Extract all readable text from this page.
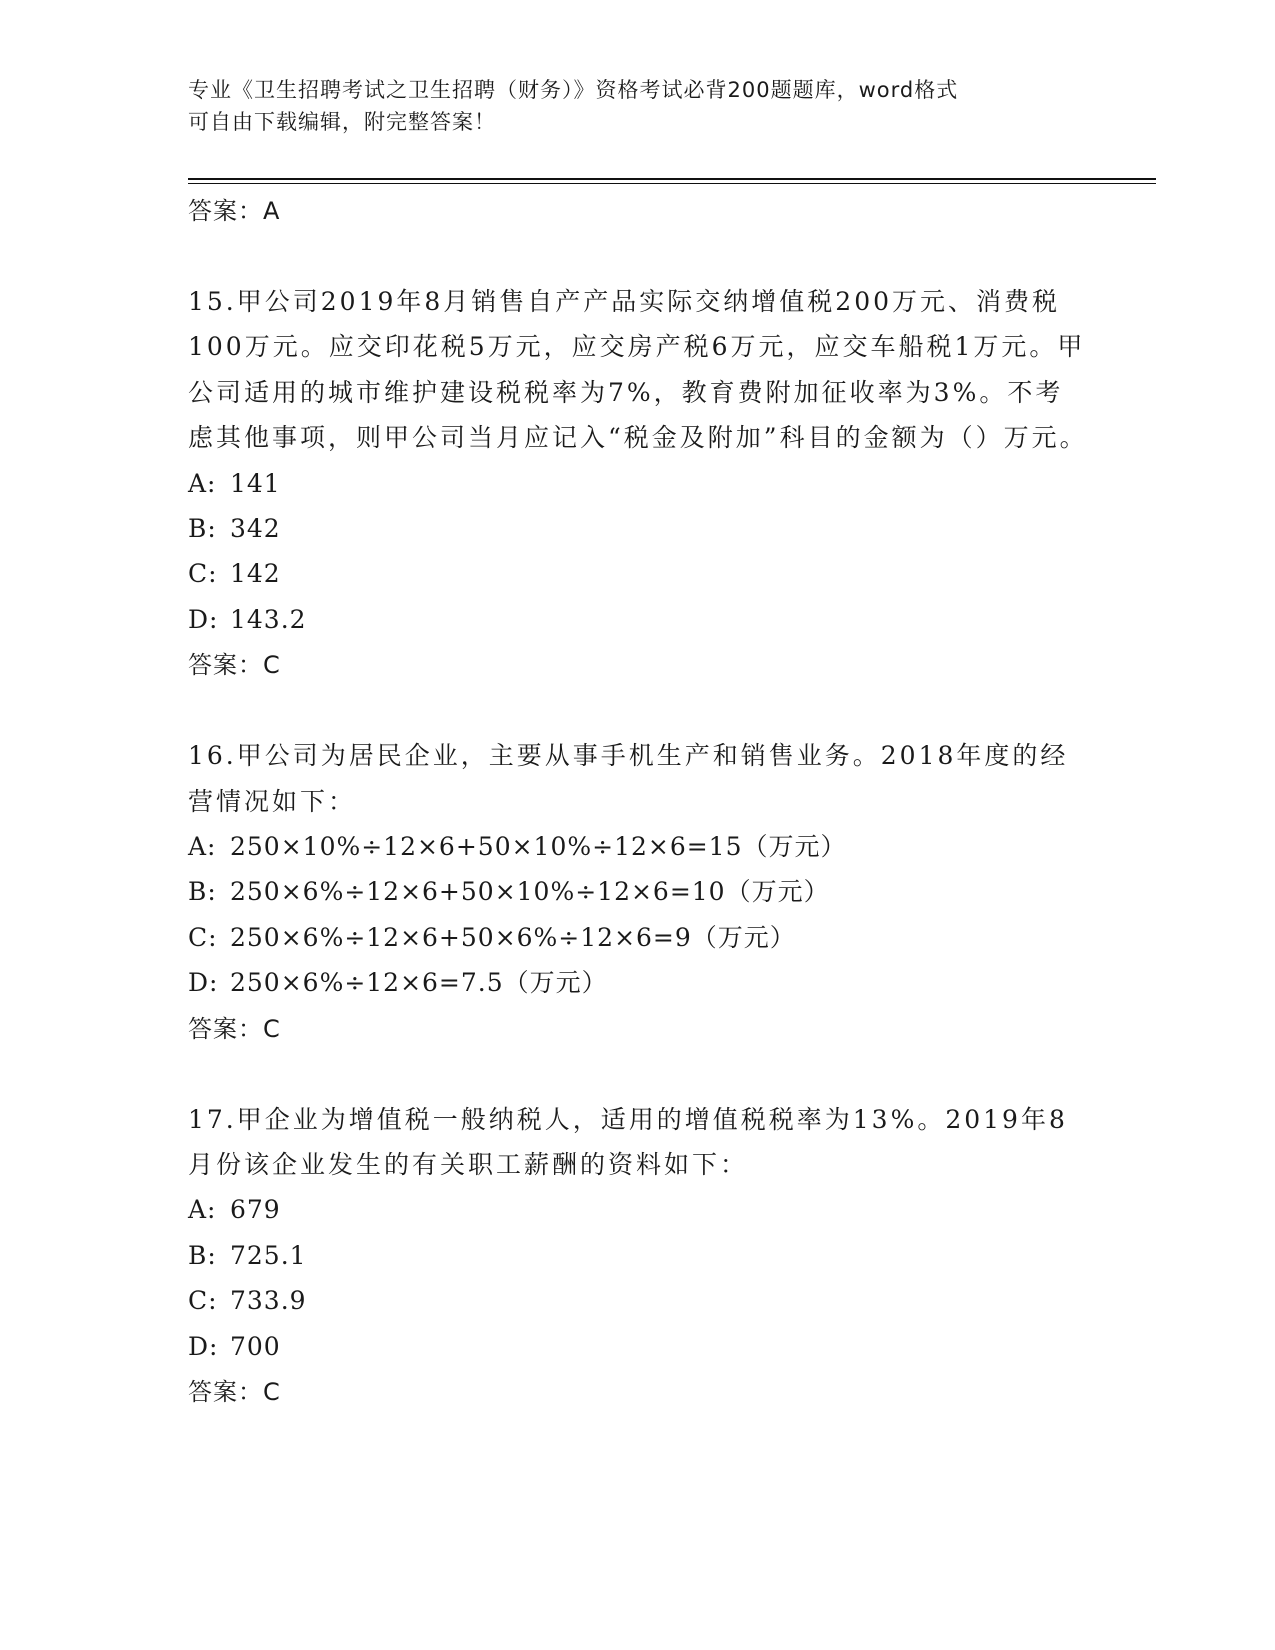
专业《卫生招聘考试之卫生招聘（财务）》资格考试必背200题题库，word格式
可自由下载编辑，附完整答案！
答案：A

15.甲公司2019年8月销售自产产品实际交纳增值税200万元、消费税100万元。应交印花税5万元，应交房产税6万元，应交车船税1万元。甲公司适用的城市维护建设税税率为7%，教育费附加征收率为3%。不考虑其他事项，则甲公司当月应记入“税金及附加”科目的金额为（）万元。

A: 141
B: 342
C: 142
D: 143.2
答案：C

16.甲公司为居民企业，主要从事手机生产和销售业务。2018年度的经营情况如下：

A: 250×10%÷12×6+50×10%÷12×6=15（万元）
B: 250×6%÷12×6+50×10%÷12×6=10（万元）
C: 250×6%÷12×6+50×6%÷12×6=9（万元）
D: 250×6%÷12×6=7.5（万元）
答案：C

17.甲企业为增值税一般纳税人，适用的增值税税率为13%。2019年8月份该企业发生的有关职工薪酬的资料如下：

A: 679
B: 725.1
C: 733.9
D: 700
答案：C
